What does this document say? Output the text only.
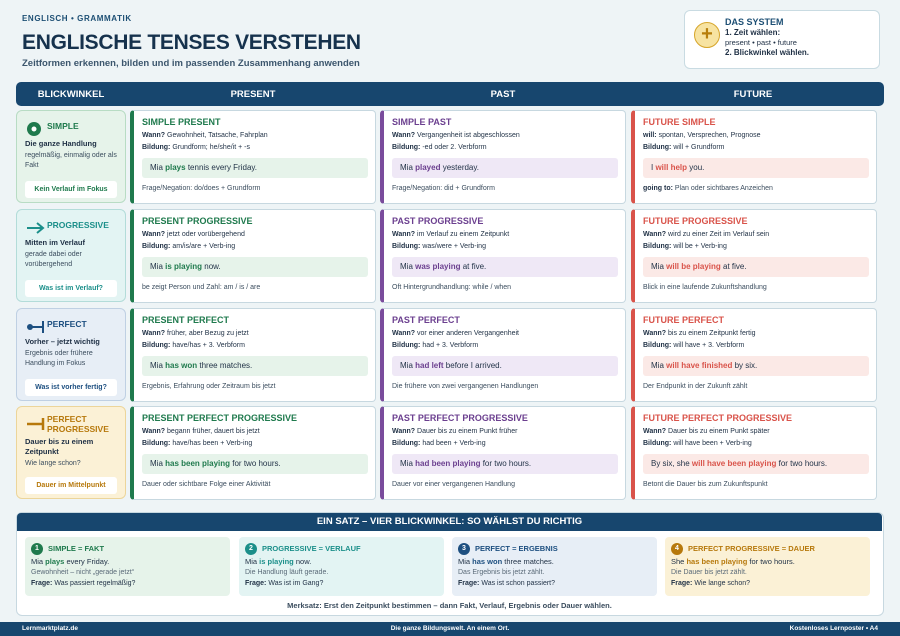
ENGLISCH • GRAMMATIK
ENGLISCHE TENSES VERSTEHEN
Zeitformen erkennen, bilden und im passenden Zusammenhang anwenden
+
DAS SYSTEM
1. Zeit wählen:
present • past • future
2. Blickwinkel wählen.
BLICKWINKEL	PRESENT	PAST	FUTURE
SIMPLE
Die ganze Handlung
regelmäßig, einmalig oder als Fakt
Kein Verlauf im Fokus
SIMPLE PRESENT
Wann? Gewohnheit, Tatsache, Fahrplan
Bildung: Grundform; he/she/it + -s
Mia plays tennis every Friday.
Frage/Negation: do/does + Grundform
SIMPLE PAST
Wann? Vergangenheit ist abgeschlossen
Bildung: -ed oder 2. Verbform
Mia played yesterday.
Frage/Negation: did + Grundform
FUTURE SIMPLE
will: spontan, Versprechen, Prognose
Bildung: will + Grundform
I will help you.
going to: Plan oder sichtbares Anzeichen
PROGRESSIVE
Mitten im Verlauf
gerade dabei oder vorübergehend
Was ist im Verlauf?
PRESENT PROGRESSIVE
Wann? jetzt oder vorübergehend
Bildung: am/is/are + Verb-ing
Mia is playing now.
be zeigt Person und Zahl: am / is / are
PAST PROGRESSIVE
Wann? im Verlauf zu einem Zeitpunkt
Bildung: was/were + Verb-ing
Mia was playing at five.
Oft Hintergrundhandlung: while / when
FUTURE PROGRESSIVE
Wann? wird zu einer Zeit im Verlauf sein
Bildung: will be + Verb-ing
Mia will be playing at five.
Blick in eine laufende Zukunftshandlung
PERFECT
Vorher – jetzt wichtig
Ergebnis oder frühere Handlung im Fokus
Was ist vorher fertig?
PRESENT PERFECT
Wann? früher, aber Bezug zu jetzt
Bildung: have/has + 3. Verbform
Mia has won three matches.
Ergebnis, Erfahrung oder Zeitraum bis jetzt
PAST PERFECT
Wann? vor einer anderen Vergangenheit
Bildung: had + 3. Verbform
Mia had left before I arrived.
Die frühere von zwei vergangenen Handlungen
FUTURE PERFECT
Wann? bis zu einem Zeitpunkt fertig
Bildung: will have + 3. Verbform
Mia will have finished by six.
Der Endpunkt in der Zukunft zählt
PERFECT PROGRESSIVE
Dauer bis zu einem Zeitpunkt
Wie lange schon?
Dauer im Mittelpunkt
PRESENT PERFECT PROGRESSIVE
Wann? begann früher, dauert bis jetzt
Bildung: have/has been + Verb-ing
Mia has been playing for two hours.
Dauer oder sichtbare Folge einer Aktivität
PAST PERFECT PROGRESSIVE
Wann? Dauer bis zu einem Punkt früher
Bildung: had been + Verb-ing
Mia had been playing for two hours.
Dauer vor einer vergangenen Handlung
FUTURE PERFECT PROGRESSIVE
Wann? Dauer bis zu einem Punkt später
Bildung: will have been + Verb-ing
By six, she will have been playing for two hours.
Betont die Dauer bis zum Zukunftspunkt
EIN SATZ – VIER BLICKWINKEL: SO WÄHLST DU RICHTIG
1	SIMPLE = FAKT
Mia plays every Friday.
Gewohnheit – nicht „gerade jetzt“
Frage: Was passiert regelmäßig?
2	PROGRESSIVE = VERLAUF
Mia is playing now.
Die Handlung läuft gerade.
Frage: Was ist im Gang?
3	PERFECT = ERGEBNIS
Mia has won three matches.
Das Ergebnis bis jetzt zählt.
Frage: Was ist schon passiert?
4	PERFECT PROGRESSIVE = DAUER
She has been playing for two hours.
Die Dauer bis jetzt zählt.
Frage: Wie lange schon?
Merksatz: Erst den Zeitpunkt bestimmen – dann Fakt, Verlauf, Ergebnis oder Dauer wählen.
Lernmarktplatz.de	Die ganze Bildungswelt. An einem Ort.	Kostenloses Lernposter • A4
